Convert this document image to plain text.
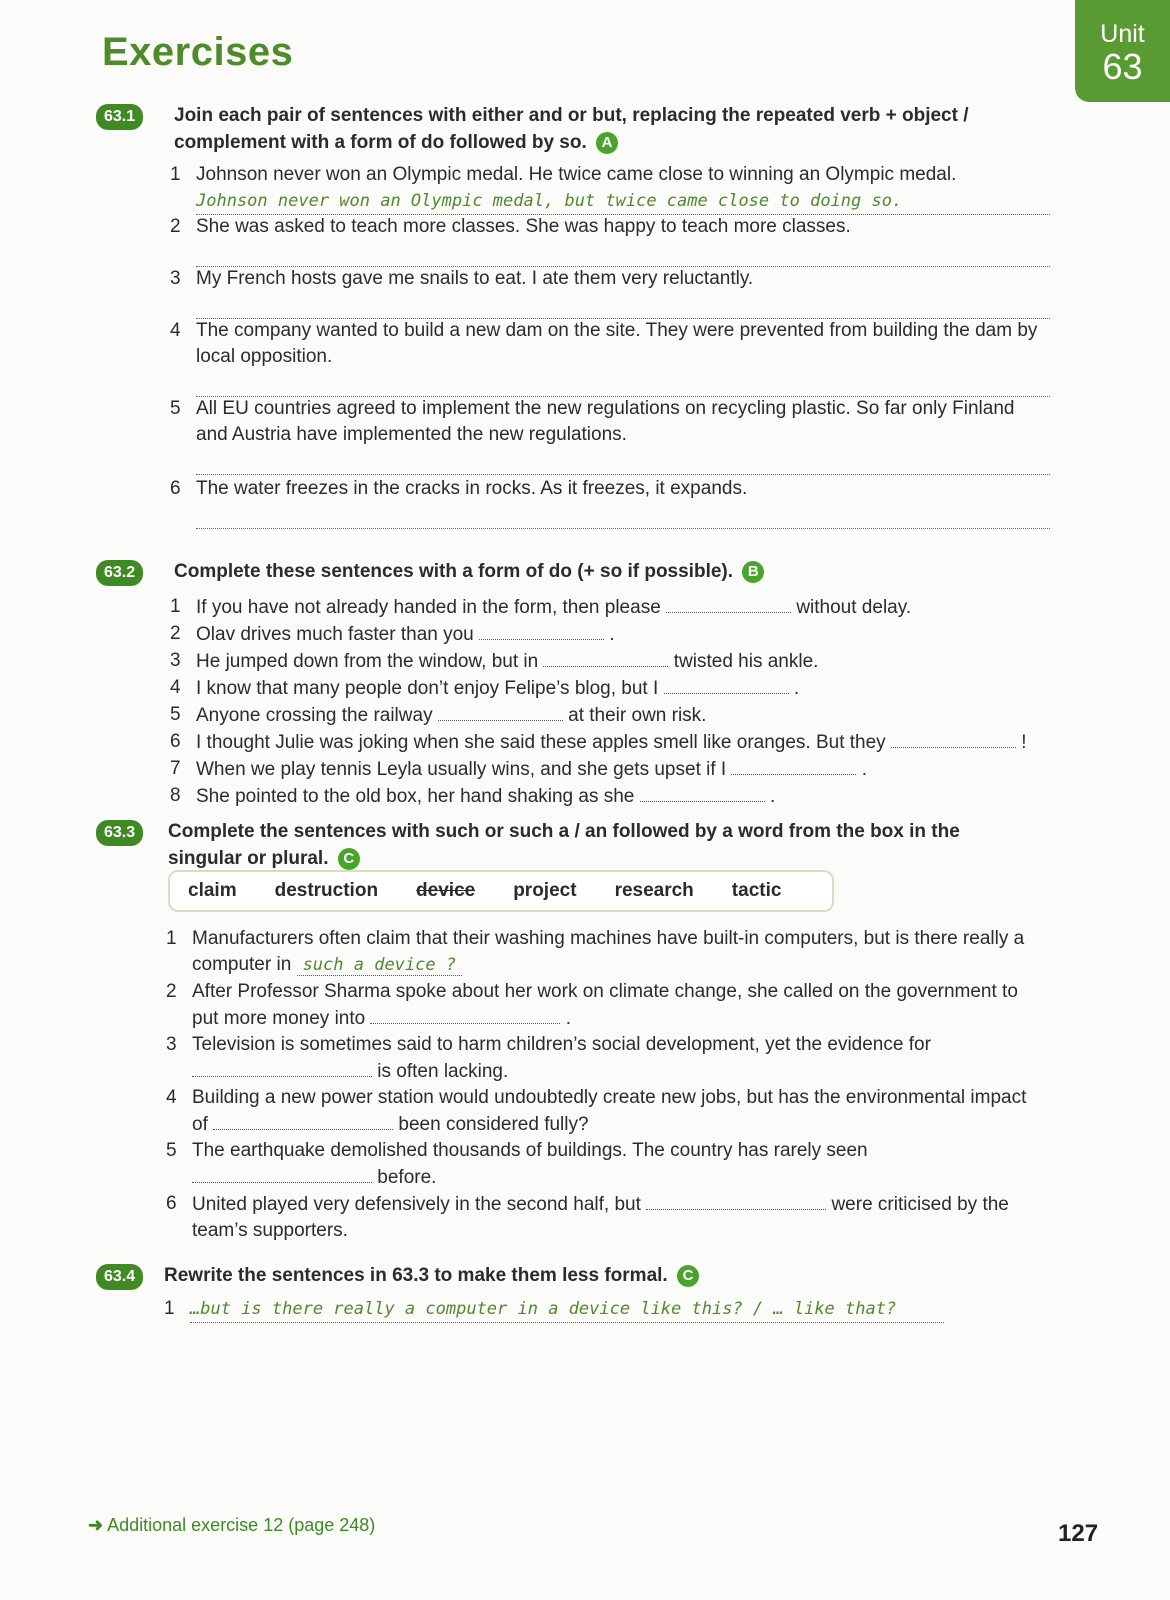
Exercises	Unit
63
63.1	Join each pair of sentences with either and or but, replacing the repeated verb + object / complement with a form of do followed by so. A
1 Johnson never won an Olympic medal. He twice came close to winning an Olympic medal.
Johnson never won an Olympic medal, but twice came close to doing so.
2 She was asked to teach more classes. She was happy to teach more classes.
3 My French hosts gave me snails to eat. I ate them very reluctantly.
4 The company wanted to build a new dam on the site. They were prevented from building the dam by local opposition.
5 All EU countries agreed to implement the new regulations on recycling plastic. So far only Finland and Austria have implemented the new regulations.
6 The water freezes in the cracks in rocks. As it freezes, it expands.
63.2	Complete these sentences with a form of do (+ so if possible). B
1 If you have not already handed in the form, then please	without delay.
2 Olav drives much faster than you	.
3 He jumped down from the window, but in	twisted his ankle.
4 I know that many people don’t enjoy Felipe’s blog, but I	.
5 Anyone crossing the railway	at their own risk.
6 I thought Julie was joking when she said these apples smell like oranges. But they	!
7 When we play tennis Leyla usually wins, and she gets upset if I	.
8 She pointed to the old box, her hand shaking as she	.
63.3	Complete the sentences with such or such a / an followed by a word from the box in the singular or plural. C
claim destruction device project research tactic
1 Manufacturers often claim that their washing machines have built-in computers, but is there really a computer in such a device ?
2 After Professor Sharma spoke about her work on climate change, she called on the government to put more money into	.
3 Television is sometimes said to harm children’s social development, yet the evidence for  is often lacking.
4 Building a new power station would undoubtedly create new jobs, but has the environmental impact of	been considered fully?
5 The earthquake demolished thousands of buildings. The country has rarely seen  before.
6 United played very defensively in the second half, but	were criticised by the team’s supporters.
63.4	Rewrite the sentences in 63.3 to make them less formal. C
1 …but is there really a computer in a device like this? / … like that?
➜ Additional exercise 12 (page 248)	127
